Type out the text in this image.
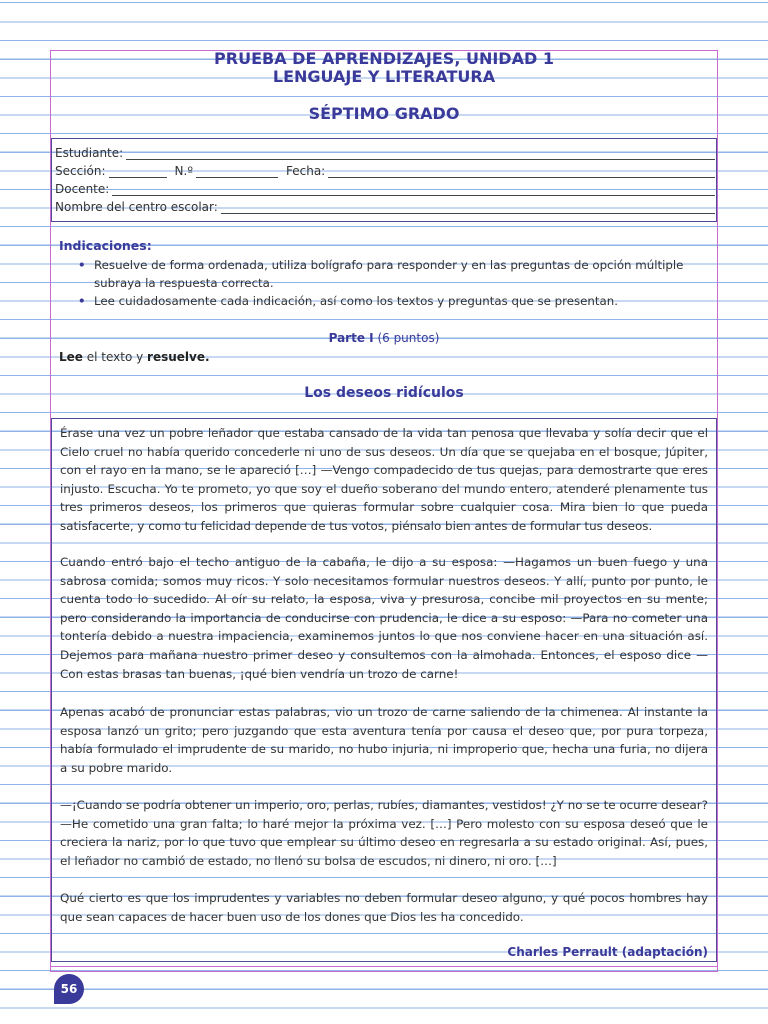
PRUEBA DE APRENDIZAJES, UNIDAD 1
LENGUAJE Y LITERATURA
SÉPTIMO GRADO
Estudiante:
Sección:	N.º	Fecha:
Docente:
Nombre del centro escolar:
Indicaciones:
• Resuelve de forma ordenada, utiliza bolígrafo para responder y en las preguntas de opción múltiple subraya la respuesta correcta.
• Lee cuidadosamente cada indicación, así como los textos y preguntas que se presentan.
Parte I (6 puntos)
Lee el texto y resuelve.
Los deseos ridículos

Érase una vez un pobre leñador que estaba cansado de la vida tan penosa que llevaba y solía decir que el Cielo cruel no había querido concederle ni uno de sus deseos. Un día que se quejaba en el bosque, Júpiter, con el rayo en la mano, se le apareció […] —Vengo compadecido de tus quejas, para demostrarte que eres injusto. Escucha. Yo te prometo, yo que soy el dueño soberano del mundo entero, atenderé plenamente tus tres primeros deseos, los primeros que quieras formular sobre cualquier cosa. Mira bien lo que pueda satisfacerte, y como tu felicidad depende de tus votos, piénsalo bien antes de formular tus deseos.

Cuando entró bajo el techo antiguo de la cabaña, le dijo a su esposa: —Hagamos un buen fuego y una sabrosa comida; somos muy ricos. Y solo necesitamos formular nuestros deseos. Y allí, punto por punto, le cuenta todo lo sucedido. Al oír su relato, la esposa, viva y presurosa, concibe mil proyectos en su mente; pero considerando la importancia de conducirse con prudencia, le dice a su esposo: —Para no cometer una tontería debido a nuestra impaciencia, examinemos juntos lo que nos conviene hacer en una situación así. Dejemos para mañana nuestro primer deseo y consultemos con la almohada. Entonces, el esposo dice —Con estas brasas tan buenas, ¡qué bien vendría un trozo de carne!

Apenas acabó de pronunciar estas palabras, vio un trozo de carne saliendo de la chimenea. Al instante la esposa lanzó un grito; pero juzgando que esta aventura tenía por causa el deseo que, por pura torpeza, había formulado el imprudente de su marido, no hubo injuria, ni improperio que, hecha una furia, no dijera a su pobre marido.

—¡Cuando se podría obtener un imperio, oro, perlas, rubíes, diamantes, vestidos! ¿Y no se te ocurre desear? —He cometido una gran falta; lo haré mejor la próxima vez. […] Pero molesto con su esposa deseó que le creciera la nariz, por lo que tuvo que emplear su último deseo en regresarla a su estado original. Así, pues, el leñador no cambió de estado, no llenó su bolsa de escudos, ni dinero, ni oro. […]

Qué cierto es que los imprudentes y variables no deben formular deseo alguno, y qué pocos hombres hay que sean capaces de hacer buen uso de los dones que Dios les ha concedido.

Charles Perrault (adaptación)
56
